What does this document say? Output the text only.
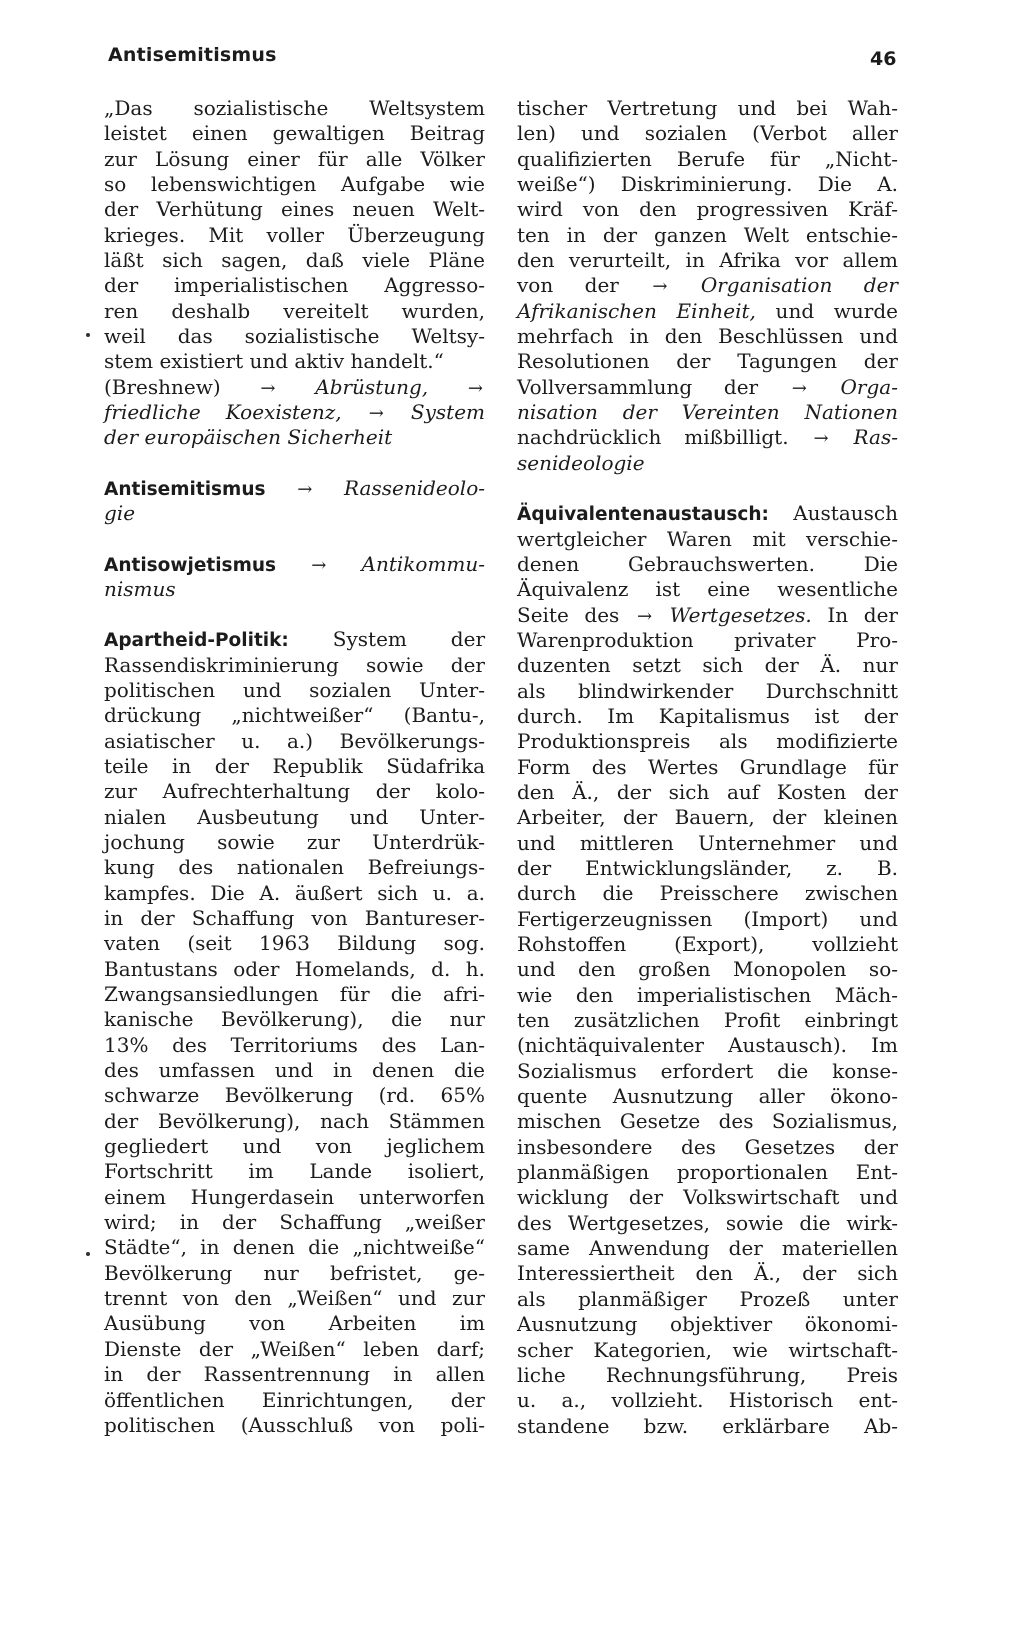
Antisemitismus	46
„Das sozialistische Weltsystem
leistet einen gewaltigen Beitrag
zur Lösung einer für alle Völker
so lebenswichtigen Aufgabe wie
der Verhütung eines neuen Welt-
krieges. Mit voller Überzeugung
läßt sich sagen, daß viele Pläne
der imperialistischen Aggresso-
ren deshalb vereitelt wurden,
weil das sozialistische Weltsy-
stem existiert und aktiv handelt.“
(Breshnew) → Abrüstung, →
friedliche Koexistenz, → System
der europäischen Sicherheit
Antisemitismus → Rassenideolo-
gie
Antisowjetismus → Antikommu-
nismus
Apartheid-Politik: System der
Rassendiskriminierung sowie der
politischen und sozialen Unter-
drückung „nichtweißer“ (Bantu-,
asiatischer u. a.) Bevölkerungs-
teile in der Republik Südafrika
zur Aufrechterhaltung der kolo-
nialen Ausbeutung und Unter-
jochung sowie zur Unterdrük-
kung des nationalen Befreiungs-
kampfes. Die A. äußert sich u. a.
in der Schaffung von Bantureser-
vaten (seit 1963 Bildung sog.
Bantustans oder Homelands, d. h.
Zwangsansiedlungen für die afri-
kanische Bevölkerung), die nur
13% des Territoriums des Lan-
des umfassen und in denen die
schwarze Bevölkerung (rd. 65%
der Bevölkerung), nach Stämmen
gegliedert und von jeglichem
Fortschritt im Lande isoliert,
einem Hungerdasein unterworfen
wird; in der Schaffung „weißer
Städte“, in denen die „nichtweiße“
Bevölkerung nur befristet, ge-
trennt von den „Weißen“ und zur
Ausübung von Arbeiten im
Dienste der „Weißen“ leben darf;
in der Rassentrennung in allen
öffentlichen Einrichtungen, der
politischen (Ausschluß von poli-
tischer Vertretung und bei Wah-
len) und sozialen (Verbot aller
qualifizierten Berufe für „Nicht-
weiße“) Diskriminierung. Die A.
wird von den progressiven Kräf-
ten in der ganzen Welt entschie-
den verurteilt, in Afrika vor allem
von der → Organisation der
Afrikanischen Einheit, und wurde
mehrfach in den Beschlüssen und
Resolutionen der Tagungen der
Vollversammlung der → Orga-
nisation der Vereinten Nationen
nachdrücklich mißbilligt. → Ras-
senideologie
Äquivalentenaustausch: Austausch
wertgleicher Waren mit verschie-
denen Gebrauchswerten. Die
Äquivalenz ist eine wesentliche
Seite des → Wertgesetzes. In der
Warenproduktion privater Pro-
duzenten setzt sich der Ä. nur
als blindwirkender Durchschnitt
durch. Im Kapitalismus ist der
Produktionspreis als modifizierte
Form des Wertes Grundlage für
den Ä., der sich auf Kosten der
Arbeiter, der Bauern, der kleinen
und mittleren Unternehmer und
der Entwicklungsländer, z. B.
durch die Preisschere zwischen
Fertigerzeugnissen (Import) und
Rohstoffen (Export), vollzieht
und den großen Monopolen so-
wie den imperialistischen Mäch-
ten zusätzlichen Profit einbringt
(nichtäquivalenter Austausch). Im
Sozialismus erfordert die konse-
quente Ausnutzung aller ökono-
mischen Gesetze des Sozialismus,
insbesondere des Gesetzes der
planmäßigen proportionalen Ent-
wicklung der Volkswirtschaft und
des Wertgesetzes, sowie die wirk-
same Anwendung der materiellen
Interessiertheit den Ä., der sich
als planmäßiger Prozeß unter
Ausnutzung objektiver ökonomi-
scher Kategorien, wie wirtschaft-
liche Rechnungsführung, Preis
u. a., vollzieht. Historisch ent-
standene bzw. erklärbare Ab-
